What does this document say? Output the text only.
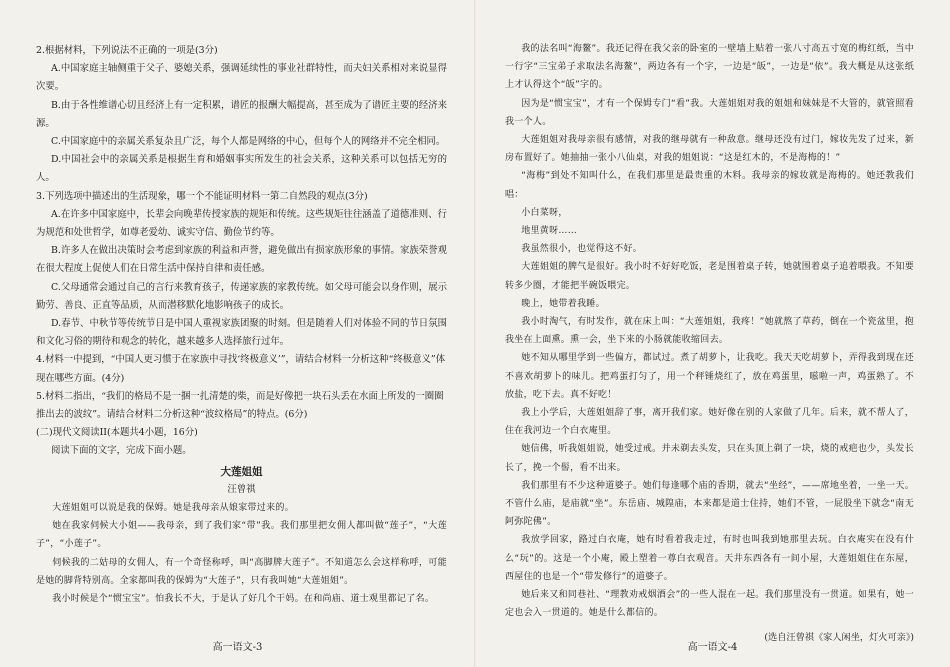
2.根据材料，下列说法不正确的一项是(3分)

A.中国家庭主轴侧重于父子、婆媳关系，强调延续性的事业社群特性，而夫妇关系相对来说显得次要。

B.由于各性维谱心切且经济上有一定积累，谱匠的报酬大幅提高，甚至成为了谱匠主要的经济来源。

C.中国家庭中的亲属关系复杂且广泛，每个人都是网络的中心，但每个人的网络并不完全相同。

D.中国社会中的亲属关系是根据生育和婚姻事实所发生的社会关系，这种关系可以包括无穷的人。

3.下列选项中描述出的生活现象，哪一个不能证明材料一第二自然段的观点(3分)

A.在许多中国家庭中，长辈会向晚辈传授家族的规矩和传统。这些规矩往往涵盖了道德准则、行为规范和处世哲学，如尊老爱幼、诚实守信、勤俭节约等。

B.许多人在做出决策时会考虑到家族的利益和声誉，避免做出有损家族形象的事情。家族荣誉观在很大程度上促使人们在日常生活中保持自律和责任感。

C.父母通常会通过自己的言行来教育孩子，传递家族的家教传统。如父母可能会以身作则，展示勤劳、善良、正直等品质，从而潜移默化地影响孩子的成长。

D.春节、中秋节等传统节日是中国人重视家族团聚的时刻。但是随着人们对体验不同的节日氛围和文化习俗的期待和观念的转化，越来越多人选择旅行过年。

4.材料一中提到，“中国人更习惯于在家族中寻找‘终极意义’”，请结合材料一分析这种“终极意义”体现在哪些方面。(4分)

5.材料二指出，“我们的格局不是一捆一扎清楚的柴，而是好像把一块石头丢在水面上所发的一圈圈推出去的波纹”。请结合材料二分析这种“波纹格局”的特点。(6分)

(二)现代文阅读II(本题共4小题，16分)

阅读下面的文字，完成下面小题。

大莲姐姐

汪曾祺

大莲姐姐可以说是我的保姆。她是我母亲从娘家带过来的。

她在我家伺候大小姐——我母亲，到了我们家“带”我。我们那里把女佣人都叫做“莲子”，“大莲子”，“小莲子”。

伺候我的二姑母的女佣人，有一个奇怪称呼，叫“高脚牌大莲子”。不知道怎么会这样称呼，可能是她的脚背特别高。全家都叫我的保姆为“大莲子”，只有我叫她“大莲姐姐”。

我小时候是个“惯宝宝”。怕我长不大，于是认了好几个干妈。在和尚庙、道士观里都记了名。

高一语文-3

我的法名叫“海鳌”。我还记得在我父亲的卧室的一壁墙上贴着一张八寸高五寸宽的梅红纸，当中一行字“三宝弟子求取法名海鳌”，两边各有一个字，一边是“皈”，一边是“依”。我大概是从这张纸上才认得这个“皈”字的。

因为是“惯宝宝”，才有一个保姆专门“看”我。大莲姐姐对我的姐姐和妹妹是不大管的，就管照看我一个人。

大莲姐姐对我母亲很有感情，对我的继母就有一种敌意。继母还没有过门，嫁妆先发了过来，新房布置好了。她抽抽一张小八仙桌，对我的姐姐说：“这是红木的，不是海梅的！”

“海梅”到处不知叫什么，在我们那里是最贵重的木料。我母亲的嫁妆就是海梅的。她还教我们唱：

小白菜呀，

地里黄呀……

我虽然很小，也觉得这不好。

大莲姐姐的脾气是很好。我小时不好好吃饭，老是围着桌子转，她就围着桌子追着喂我。不知要转多少圈，才能把半碗饭喂完。

晚上，她带着我睡。

我小时淘气，有时发作，就在床上叫：“大莲姐姐，我疼！”她就熬了草药，倒在一个瓷盆里，抱我坐在上面熏。熏一会，坐下来的小肠就能收缩回去。

她不知从哪里学到一些偏方，都试过。煮了胡萝卜，让我吃。我天天吃胡萝卜，弄得我到现在还不喜欢胡萝卜的味儿。把鸡蛋打匀了，用一个秤锤烧红了，放在鸡蛋里，嗞啦一声，鸡蛋熟了。不放盐，吃下去。真不好吃！

我上小学后，大莲姐姐辞了事，离开我们家。她好像在别的人家做了几年。后来，就不帮人了，住在我河边一个白衣庵里。

她信佛，听我姐姐说，她受过戒。并未剃去头发，只在头顶上剃了一块，烧的戒疤也少，头发长长了，挽一个髻，看不出来。

我们那里有不少这种道婆子。她们每逢哪个庙的香期，就去“坐经”，——席地坐着，一坐一天。不管什么庙，是庙就“坐”。东岳庙、城隍庙，本来都是道士住持，她们不管，一屁股坐下就念“南无阿弥陀佛”。

我放学回家，路过白衣庵，她有时看着我走过，有时也叫我到她那里去玩。白衣庵实在没有什么“玩”的。这是一个小庵，殿上塑着一尊白衣观音。天井东西各有一间小屋，大莲姐姐住在东屋，西屋住的也是一个“带发修行”的道婆子。

她后来又和同巷社、“理教劝戒烟酒会”的一些人混在一起。我们那里没有一贯道。如果有，她一定也会入一贯道的。她是什么都信的。

(选自汪曾祺《家人闲坐，灯火可亲》)

高一语文-4
